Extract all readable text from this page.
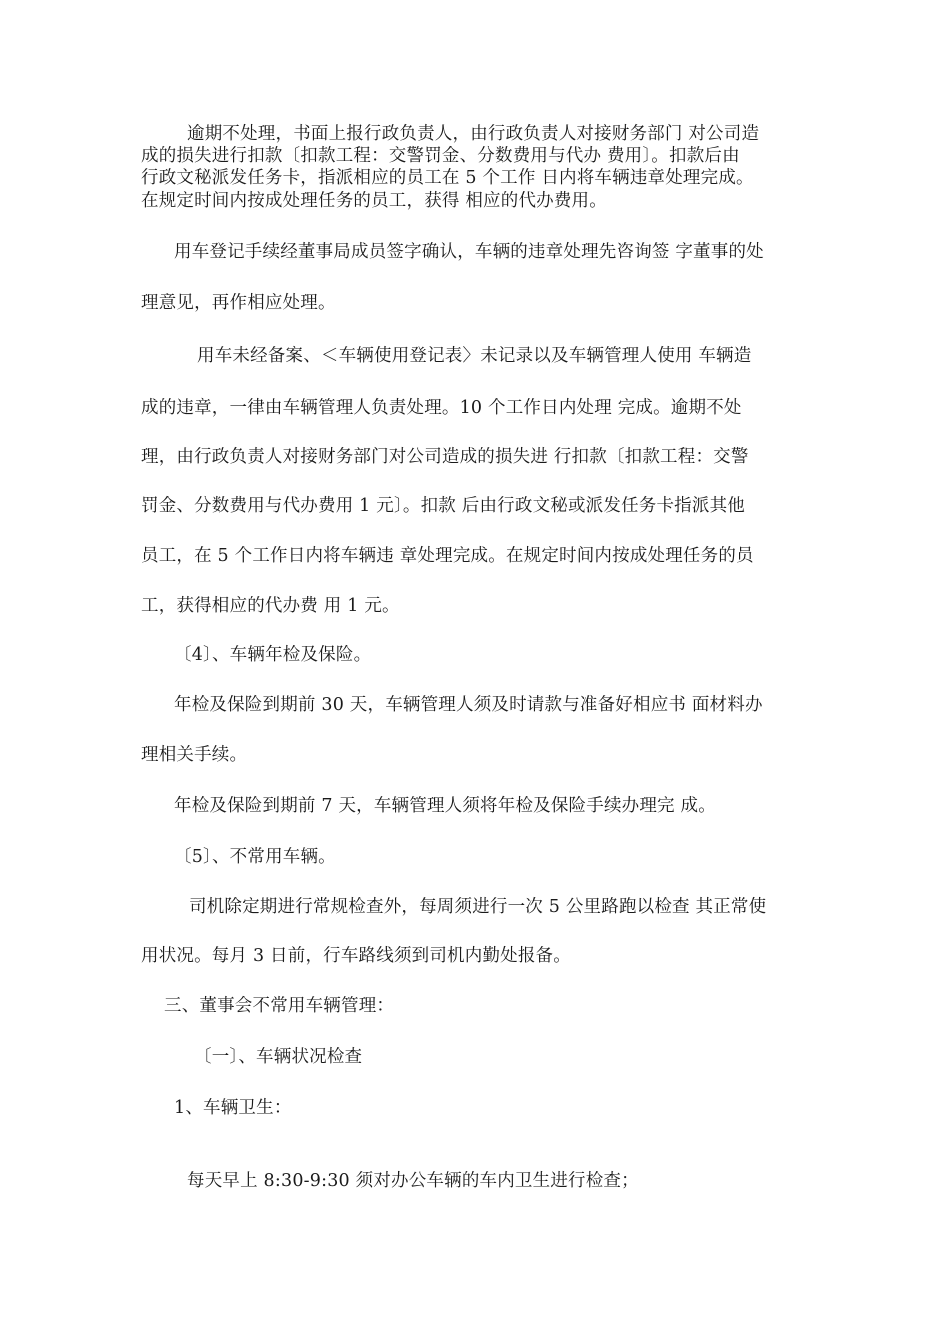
逾期不处理，书面上报行政负责人，由行政负责人对接财务部门 对公司造
成的损失进行扣款〔扣款工程：交警罚金、分数费用与代办 费用〕。扣款后由
行政文秘派发任务卡，指派相应的员工在 5 个工作 日内将车辆违章处理完成。
在规定时间内按成处理任务的员工，获得 相应的代办费用。
用车登记手续经董事局成员签字确认，车辆的违章处理先咨询签 字董事的处
理意见，再作相应处理。
用车未经备案、＜车辆使用登记表〉未记录以及车辆管理人使用 车辆造
成的违章，一律由车辆管理人负责处理。10 个工作日内处理 完成。逾期不处
理，由行政负责人对接财务部门对公司造成的损失进 行扣款〔扣款工程：交警
罚金、分数费用与代办费用 1 元〕。扣款 后由行政文秘或派发任务卡指派其他
员工，在 5 个工作日内将车辆违 章处理完成。在规定时间内按成处理任务的员
工，获得相应的代办费 用 1 元。
〔4〕、车辆年检及保险。
年检及保险到期前 30 天，车辆管理人须及时请款与准备好相应书 面材料办
理相关手续。
年检及保险到期前 7 天，车辆管理人须将年检及保险手续办理完 成。
〔5〕、不常用车辆。
司机除定期进行常规检查外，每周须进行一次 5 公里路跑以检查 其正常使
用状况。每月 3 日前，行车路线须到司机内勤处报备。
三、董事会不常用车辆管理：
〔一〕、车辆状况检查
1、车辆卫生：
每天早上 8:30-9:30 须对办公车辆的车内卫生进行检查；
